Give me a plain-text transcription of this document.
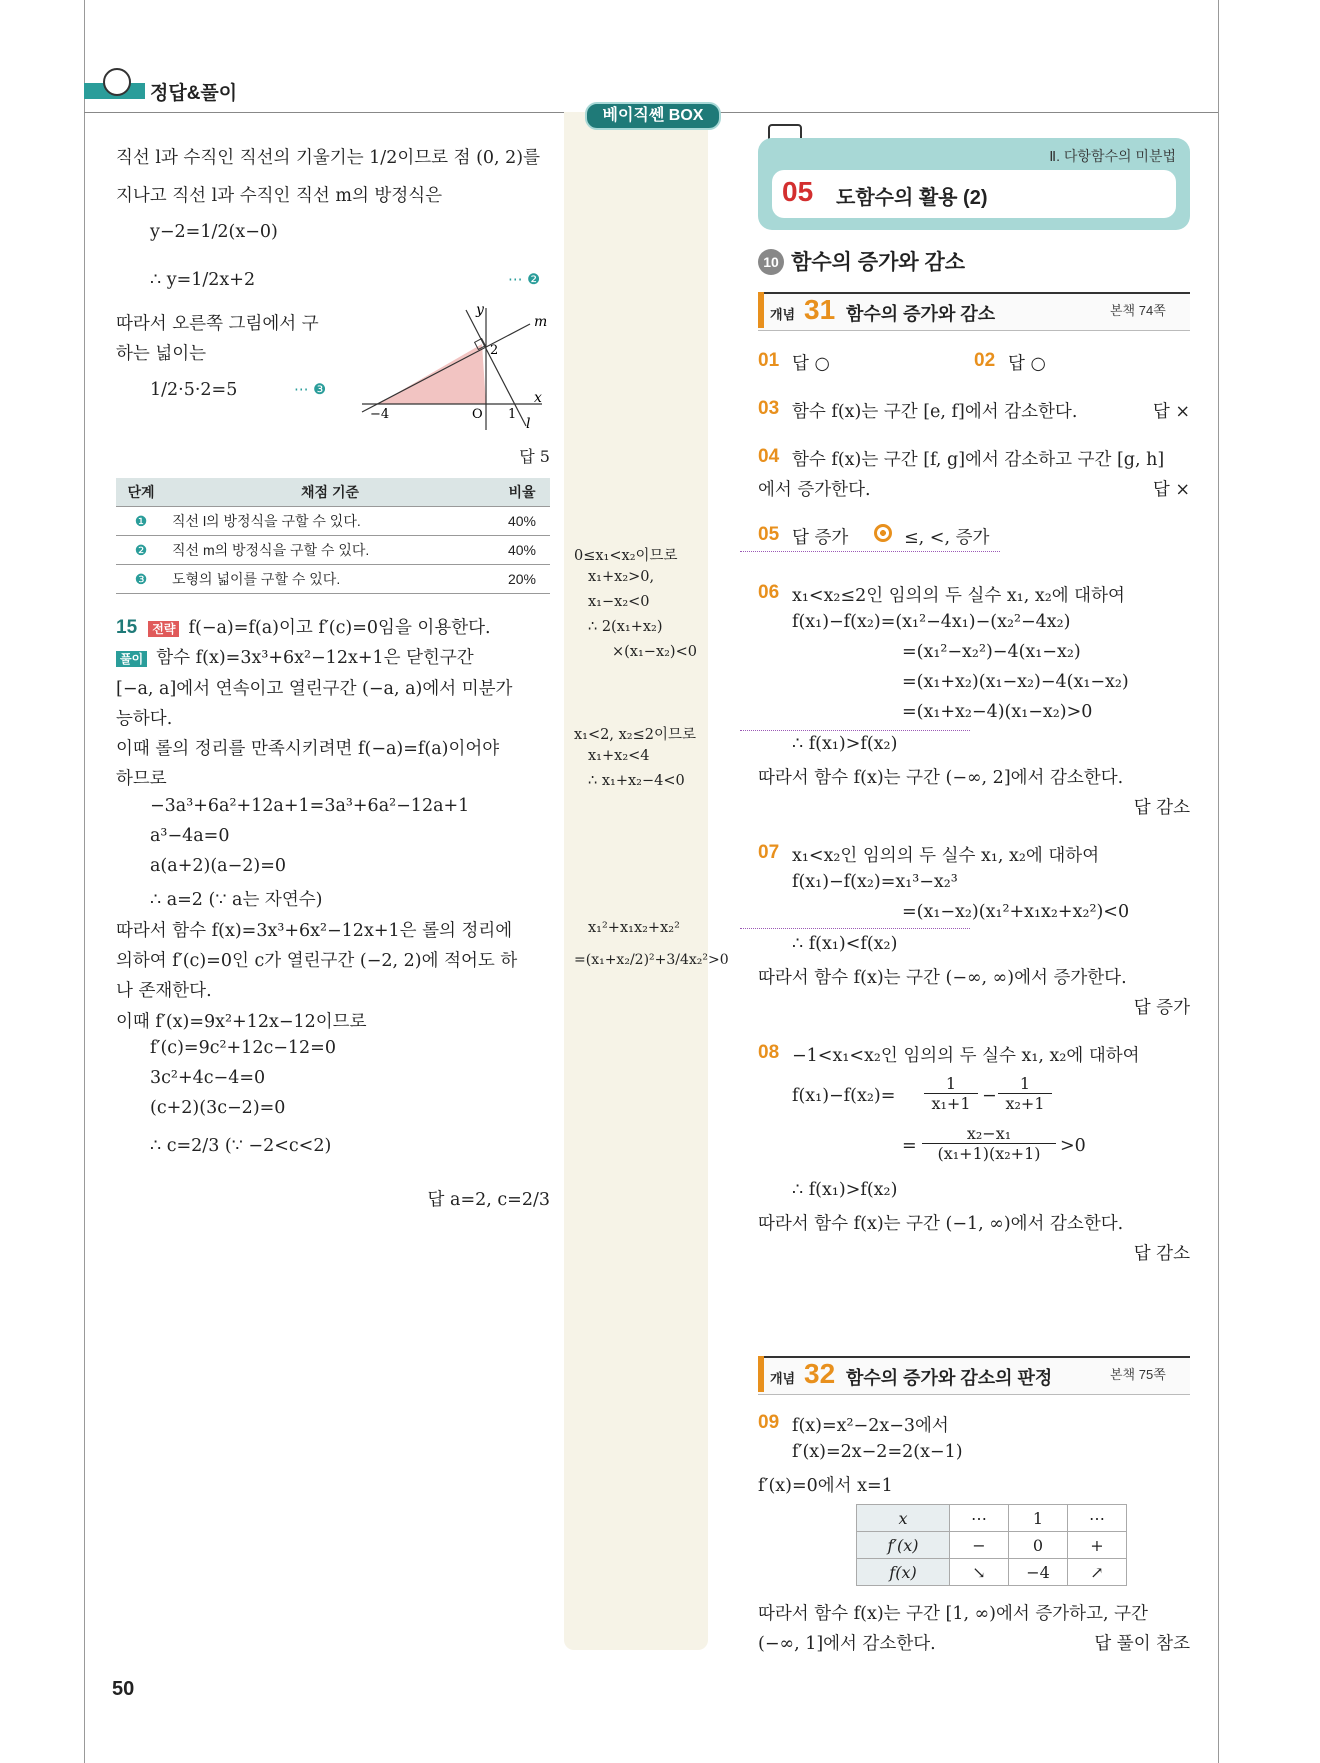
정답&풀이
베이직쎈 BOX
직선 l과 수직인 직선의 기울기는 1/2이므로 점 (0, 2)를
지나고 직선 l과 수직인 직선 m의 방정식은
y−2=1/2(x−0)
∴ y=1/2x+2	⋯ ❷
따라서 오른쪽 그림에서 구
하는 넓이는
1/2·5·2=5	⋯ ❸
y
m
x
l
−4	O 1
2
답 5
단계	채점 기준	비율
❶	직선 l의 방정식을 구할 수 있다.	40%
❷	직선 m의 방정식을 구할 수 있다.	40%
❸	도형의 넓이를 구할 수 있다.	20%
15 전략 f(−a)=f(a)이고 f′(c)=0임을 이용한다.
풀이 함수 f(x)=3x³+6x²−12x+1은 닫힌구간
[−a, a]에서 연속이고 열린구간 (−a, a)에서 미분가
능하다.
이때 롤의 정리를 만족시키려면 f(−a)=f(a)이어야
하므로
−3a³+6a²+12a+1=3a³+6a²−12a+1
a³−4a=0
a(a+2)(a−2)=0
∴ a=2 (∵ a는 자연수)
따라서 함수 f(x)=3x³+6x²−12x+1은 롤의 정리에
의하여 f′(c)=0인 c가 열린구간 (−2, 2)에 적어도 하
나 존재한다.
이때 f′(x)=9x²+12x−12이므로
f′(c)=9c²+12c−12=0
3c²+4c−4=0
(c+2)(3c−2)=0
∴ c=2/3 (∵ −2<c<2)
답 a=2, c=2/3
0≤x₁<x₂이므로
x₁+x₂>0,
x₁−x₂<0
∴ 2(x₁+x₂)
×(x₁−x₂)<0
x₁<2, x₂≤2이므로
x₁+x₂<4
∴ x₁+x₂−4<0
x₁²+x₁x₂+x₂²
=(x₁+x₂/2)²+3/4x₂²>0
Ⅱ. 다항함수의 미분법
05 도함수의 활용 (2)
10 함수의 증가와 감소
개념 31 함수의 증가와 감소	본책 74쪽
01 답 ○	02 답 ○
03 함수 f(x)는 구간 [e, f]에서 감소한다.	답 ×
04 함수 f(x)는 구간 [f, g]에서 감소하고 구간 [g, h]
에서 증가한다.	답 ×
05 답 증가	≤, <, 증가
06 x₁<x₂≤2인 임의의 두 실수 x₁, x₂에 대하여
f(x₁)−f(x₂)=(x₁²−4x₁)−(x₂²−4x₂)
=(x₁²−x₂²)−4(x₁−x₂)
=(x₁+x₂)(x₁−x₂)−4(x₁−x₂)
=(x₁+x₂−4)(x₁−x₂)>0
∴ f(x₁)>f(x₂)
따라서 함수 f(x)는 구간 (−∞, 2]에서 감소한다.
답 감소
07 x₁<x₂인 임의의 두 실수 x₁, x₂에 대하여
f(x₁)−f(x₂)=x₁³−x₂³
=(x₁−x₂)(x₁²+x₁x₂+x₂²)<0
∴ f(x₁)<f(x₂)
따라서 함수 f(x)는 구간 (−∞, ∞)에서 증가한다.
답 증가
08 −1<x₁<x₂인 임의의 두 실수 x₁, x₂에 대하여
$f(x_1)-f(x_2)= \frac{1}{\text{x₁+1}} - \frac{1}{\text{x₂+1}}$
= $\frac{\text{x₂−x₁}}{\text{(x₁+1)(x₂+1)}} >0$
∴ f(x₁)>f(x₂)
따라서 함수 f(x)는 구간 (−1, ∞)에서 감소한다.
답 감소
개념 32 함수의 증가와 감소의 판정	본책 75쪽
09 f(x)=x²−2x−3에서
f′(x)=2x−2=2(x−1)
f′(x)=0에서 x=1
x	⋯	1	⋯
f′(x)	−	0	+
f(x)	↘	−4	↗
따라서 함수 f(x)는 구간 [1, ∞)에서 증가하고, 구간
(−∞, 1]에서 감소한다.	답 풀이 참조
50
